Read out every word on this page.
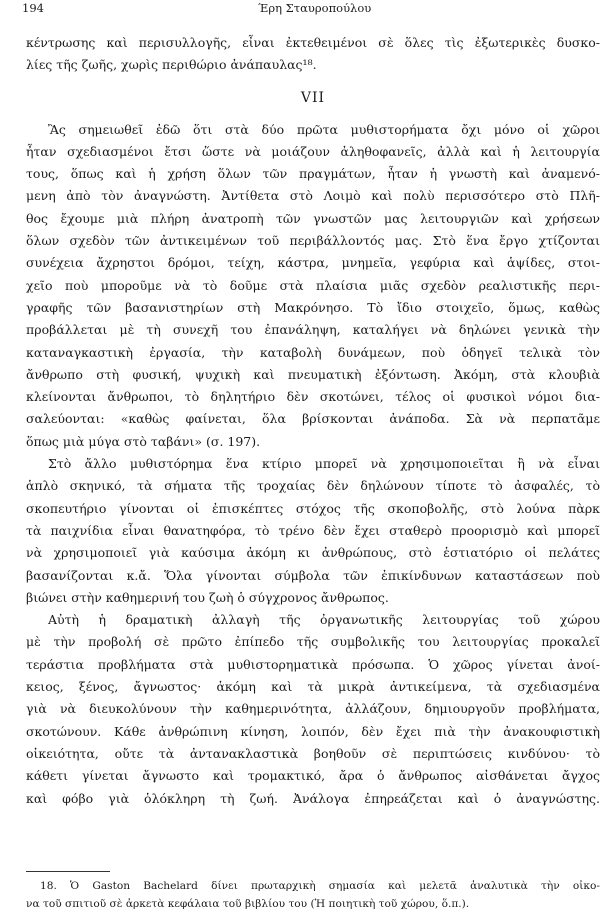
194	Έρη Σταυροπούλου
κέντρωσης καὶ περισυλλογῆς, εἶναι ἐκτεθειμένοι σὲ ὅλες τὶς ἐξωτερικὲς δυσκο-
λίες τῆς ζωῆς, χωρὶς περιθώριο ἀνάπαυλας¹⁸.
VII
Ἂς σημειωθεῖ ἐδῶ ὅτι στὰ δύο πρῶτα μυθιστορήματα ὄχι μόνο οἱ χῶροι
ἦταν σχεδιασμένοι ἔτσι ὥστε νὰ μοιάζουν ἀληθοφανεῖς, ἀλλὰ καὶ ἡ λειτουργία
τους, ὅπως καὶ ἡ χρήση ὅλων τῶν πραγμάτων, ἦταν ἡ γνωστὴ καὶ ἀναμενό-
μενη ἀπὸ τὸν ἀναγνώστη. Ἀντίθετα στὸ Λοιμὸ καὶ πολὺ περισσότερο στὸ Πλῆ-
θος ἔχουμε μιὰ πλήρη ἀνατροπὴ τῶν γνωστῶν μας λειτουργιῶν καὶ χρήσεων
ὅλων σχεδὸν τῶν ἀντικειμένων τοῦ περιβάλλοντός μας. Στὸ ἕνα ἔργο χτίζονται
συνέχεια ἄχρηστοι δρόμοι, τείχη, κάστρα, μνημεῖα, γεφύρια καὶ ἁψίδες, στοι-
χεῖο ποὺ μποροῦμε νὰ τὸ δοῦμε στὰ πλαίσια μιᾶς σχεδὸν ρεαλιστικῆς περι-
γραφῆς τῶν βασανιστηρίων στὴ Μακρόνησο. Τὸ ἴδιο στοιχεῖο, ὅμως, καθὼς
προβάλλεται μὲ τὴ συνεχῆ του ἐπανάληψη, καταλήγει νὰ δηλώνει γενικὰ τὴν
καταναγκαστικὴ ἐργασία, τὴν καταβολὴ δυνάμεων, ποὺ ὁδηγεῖ τελικὰ τὸν
ἄνθρωπο στὴ φυσική, ψυχικὴ καὶ πνευματικὴ ἐξόντωση. Ἀκόμη, στὰ κλουβιὰ
κλείνονται ἄνθρωποι, τὸ δηλητήριο δὲν σκοτώνει, τέλος οἱ φυσικοὶ νόμοι δια-
σαλεύονται: «καθὼς φαίνεται, ὅλα βρίσκονται ἀνάποδα. Σὰ νὰ περπατᾶμε
ὅπως μιὰ μύγα στὸ ταβάνι» (σ. 197).
Στὸ ἄλλο μυθιστόρημα ἕνα κτίριο μπορεῖ νὰ χρησιμοποιεῖται ἢ νὰ εἶναι
ἁπλὸ σκηνικό, τὰ σήματα τῆς τροχαίας δὲν δηλώνουν τίποτε τὸ ἀσφαλές, τὸ
σκοπευτήριο γίνονται οἱ ἐπισκέπτες στόχος τῆς σκοποβολῆς, στὸ λούνα πὰρκ
τὰ παιχνίδια εἶναι θανατηφόρα, τὸ τρένο δὲν ἔχει σταθερὸ προορισμὸ καὶ μπορεῖ
νὰ χρησιμοποιεῖ γιὰ καύσιμα ἀκόμη κι ἀνθρώπους, στὸ ἑστιατόριο οἱ πελάτες
βασανίζονται κ.ἄ. Ὅλα γίνονται σύμβολα τῶν ἐπικίνδυνων καταστάσεων ποὺ
βιώνει στὴν καθημερινή του ζωὴ ὁ σύγχρονος ἄνθρωπος.
Αὐτὴ ἡ δραματικὴ ἀλλαγὴ τῆς ὀργανωτικῆς λειτουργίας τοῦ χώρου
μὲ τὴν προβολή σὲ πρῶτο ἐπίπεδο τῆς συμβολικῆς του λειτουργίας προκαλεῖ
τεράστια προβλήματα στὰ μυθιστορηματικὰ πρόσωπα. Ὁ χῶρος γίνεται ἀνοί-
κειος, ξένος, ἄγνωστος· ἀκόμη καὶ τὰ μικρὰ ἀντικείμενα, τὰ σχεδιασμένα
γιὰ νὰ διευκολύνουν τὴν καθημερινότητα, ἀλλάζουν, δημιουργοῦν προβλήματα,
σκοτώνουν. Κάθε ἀνθρώπινη κίνηση, λοιπόν, δὲν ἔχει πιὰ τὴν ἀνακουφιστικὴ
οἰκειότητα, οὔτε τὰ ἀντανακλαστικὰ βοηθοῦν σὲ περιπτώσεις κινδύνου· τὸ
κάθετι γίνεται ἄγνωστο καὶ τρομακτικό, ἄρα ὁ ἄνθρωπος αἰσθάνεται ἄγχος
καὶ φόβο γιὰ ὁλόκληρη τὴ ζωή. Ἀνάλογα ἐπηρεάζεται καὶ ὁ ἀναγνώστης.
18. Ὁ Gaston Bachelard δίνει πρωταρχικὴ σημασία καὶ μελετᾶ ἀναλυτικὰ τὴν οἰκο-
να τοῦ σπιτιοῦ σὲ ἀρκετὰ κεφάλαια τοῦ βιβλίου του (Ἡ ποιητικὴ τοῦ χώρου, ὅ.π.).
